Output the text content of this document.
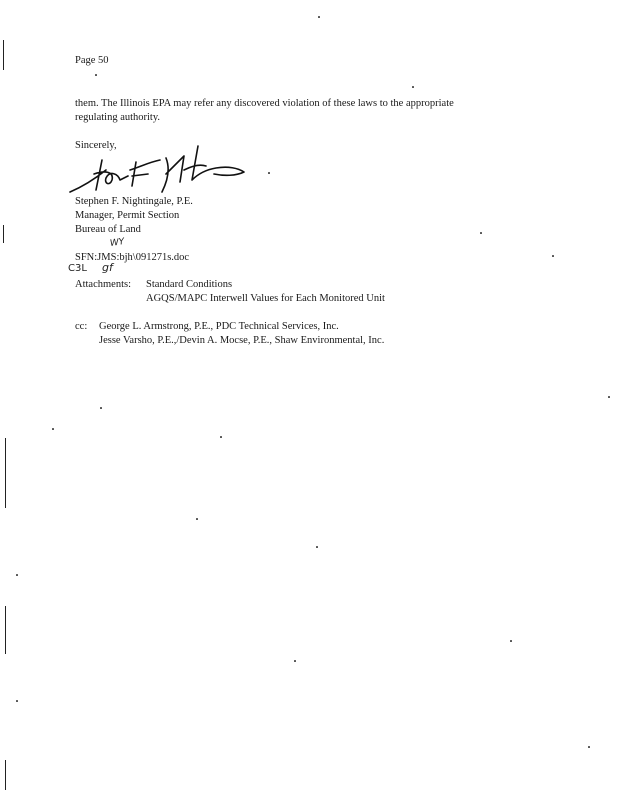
Page 50
them. The Illinois EPA may refer any discovered violation of these laws to the appropriate
regulating authority.
Sincerely,
Stephen F. Nightingale, P.E.
Manager, Permit Section
Bureau of Land
WY
SFN:JMS:bjh\091271s.doc
C3L gf
Attachments: Standard Conditions
AGQS/MAPC Interwell Values for Each Monitored Unit
cc: George L. Armstrong, P.E., PDC Technical Services, Inc.
Jesse Varsho, P.E.,/Devin A. Mocse, P.E., Shaw Environmental, Inc.
